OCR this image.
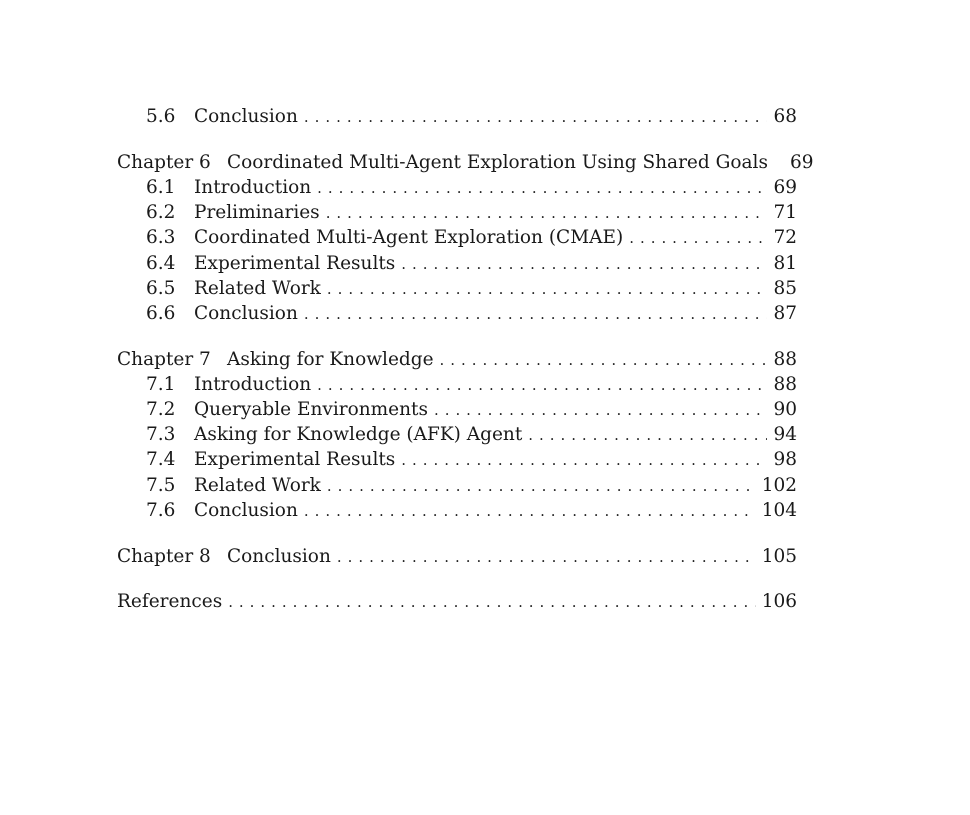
5.6	Conclusion . . .	68
Chapter 6 Coordinated Multi-Agent Exploration Using Shared Goals 69
6.1	Introduction . . .	69
6.2	Preliminaries . . .	71
6.3	Coordinated Multi-Agent Exploration (CMAE) . . .	72
6.4	Experimental Results . . .	81
6.5	Related Work . . .	85
6.6	Conclusion . . .	87
Chapter 7 Asking for Knowledge . . .	88
7.1	Introduction . . .	88
7.2	Queryable Environments . . .	90
7.3	Asking for Knowledge (AFK) Agent . . .	94
7.4	Experimental Results . . .	98
7.5	Related Work . . .	102
7.6	Conclusion . . .	104
Chapter 8 Conclusion . . .	105
References . . .	106
